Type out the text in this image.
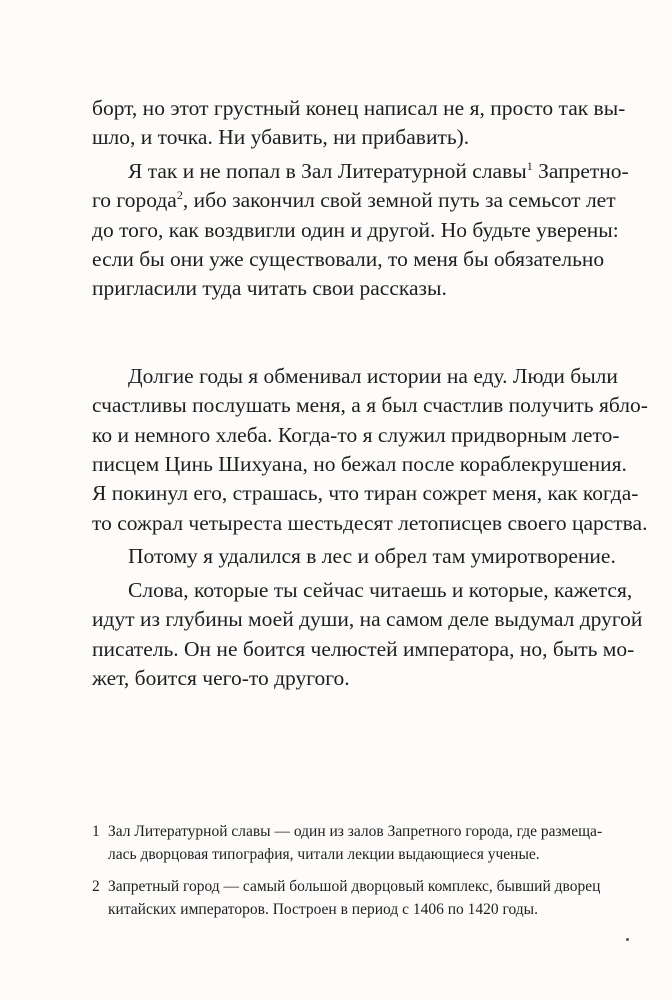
борт, но этот грустный конец написал не я, просто так вы-
шло, и точка. Ни убавить, ни прибавить).
Я так и не попал в Зал Литературной славы$^1$ Запретно-
го города$^2$, ибо закончил свой земной путь за семьсот лет
до того, как воздвигли один и другой. Но будьте уверены:
если бы они уже существовали, то меня бы обязательно
пригласили туда читать свои рассказы.
Долгие годы я обменивал истории на еду. Люди были
счастливы послушать меня, а я был счастлив получить ябло-
ко и немного хлеба. Когда-то я служил придворным лето-
писцем Цинь Шихуана, но бежал после кораблекрушения.
Я покинул его, страшась, что тиран сожрет меня, как когда-
то сожрал четыреста шестьдесят летописцев своего царства.
Потому я удалился в лес и обрел там умиротворение.
Слова, которые ты сейчас читаешь и которые, кажется,
идут из глубины моей души, на самом деле выдумал другой
писатель. Он не боится челюстей императора, но, быть мо-
жет, боится чего-то другого.
1 Зал Литературной славы — один из залов Запретного города, где размеща-
лась дворцовая типография, читали лекции выдающиеся ученые.
2 Запретный город — самый большой дворцовый комплекс, бывший дворец
китайских императоров. Построен в период с 1406 по 1420 годы.
